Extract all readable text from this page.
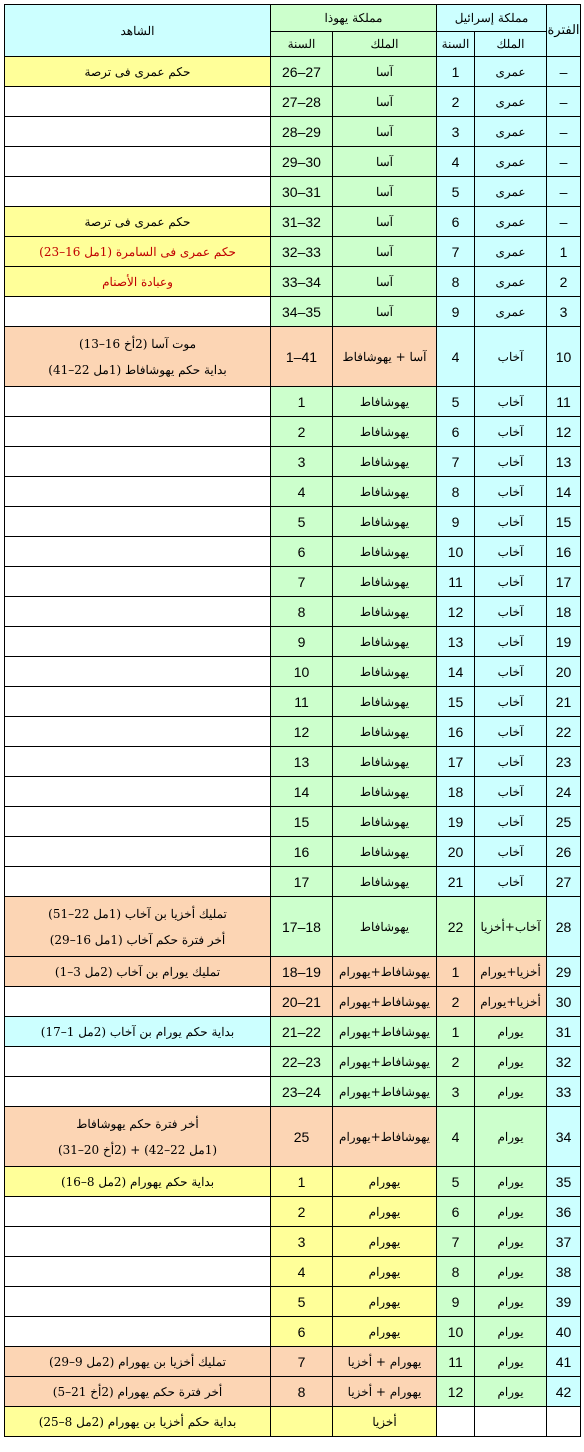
الفترة	مملكة إسرائيل		مملكة يهوذا		الشاهد
	الملك	السنة	الملك	السنة	
–	عمرى	1	آسا	27–26	حكم عمرى فى ترصة

–	عمرى	2	آسا	28–27	
–	عمرى	3	آسا	29–28	
–	عمرى	4	آسا	30–29	
–	عمرى	5	آسا	31–30	
–	عمرى	6	آسا	32–31	حكم عمرى فى ترصة

1	عمرى	7	آسا	33–32	حكم عمرى فى السامرة (1مل 16–23)

2	عمرى	8	آسا	34–33	وعبادة الأصنام

3	عمرى	9	آسا	35–34	
10	آخاب	4	آسا + يهوشافاط	41–1	موت آسا (2أخ 16–13)
بداية حكم يهوشافاط (1مل 22–41)

11	آخاب	5	يهوشافاط	1	
12	آخاب	6	يهوشافاط	2	
13	آخاب	7	يهوشافاط	3	
14	آخاب	8	يهوشافاط	4	
15	آخاب	9	يهوشافاط	5	
16	آخاب	10	يهوشافاط	6	
17	آخاب	11	يهوشافاط	7	
18	آخاب	12	يهوشافاط	8	
19	آخاب	13	يهوشافاط	9	
20	آخاب	14	يهوشافاط	10	
21	آخاب	15	يهوشافاط	11	
22	آخاب	16	يهوشافاط	12	
23	آخاب	17	يهوشافاط	13	
24	آخاب	18	يهوشافاط	14	
25	آخاب	19	يهوشافاط	15	
26	آخاب	20	يهوشافاط	16	
27	آخاب	21	يهوشافاط	17	
28	آخاب+أخزيا	22	يهوشافاط	18–17	تمليك أخزيا بن آخاب (1مل 22–51)
أخر فترة حكم آخاب (1مل 16–29)

29	أخزيا+يورام	1	يهوشافاط+يهورام	19–18	تمليك يورام بن آخاب (2مل 3–1)

30	أخزيا+يورام	2	يهوشافاط+يهورام	21–20	
31	يورام	1	يهوشافاط+يهورام	22–21	بداية حكم يورام بن آخاب (2مل 1–17)

32	يورام	2	يهوشافاط+يهورام	23–22	
33	يورام	3	يهوشافاط+يهورام	24–23	
34	يورام	4	يهوشافاط+يهورام	25	أخر فترة حكم يهوشافاط
(1مل 22–42) + (2أخ 20–31)

35	يورام	5	يهورام	1	بداية حكم يهورام (2مل 8–16)

36	يورام	6	يهورام	2	
37	يورام	7	يهورام	3	
38	يورام	8	يهورام	4	
39	يورام	9	يهورام	5	
40	يورام	10	يهورام	6	
41	يورام	11	يهورام + أخزيا	7	تمليك أخزيا بن يهورام (2مل 9–29)

42	يورام	12	يهورام + أخزيا	8	أخر فترة حكم يهورام (2أخ 21–5)

			أخزيا		بداية حكم أخزيا بن يهورام (2مل 8–25)
